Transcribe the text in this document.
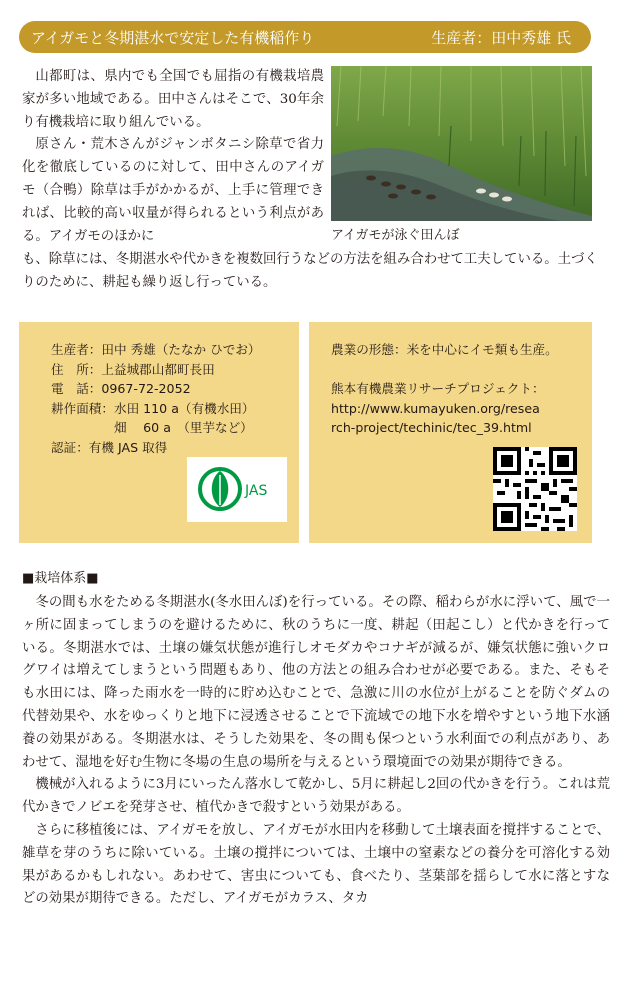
アイガモと冬期湛水で安定した有機稲作り	生産者：田中秀雄 氏

山都町は、県内でも全国でも屈指の有機栽培農家が多い地域である。田中さんはそこで、30年余り有機栽培に取り組んでいる。
原さん・荒木さんがジャンボタニシ除草で省力化を徹底しているのに対して、田中さんのアイガモ（合鴨）除草は手がかかるが、上手に管理できれば、比較的高い収量が得られるという利点がある。アイガモのほかに

も、除草には、冬期湛水や代かきを複数回行うなどの方法を組み合わせて工夫している。土づくりのために、耕起も繰り返し行っている。

アイガモが泳ぐ田んぼ
生産者： 田中 秀雄（たなか ひでお）
住　所： 上益城郡山都町長田
電　話： 0967-72-2052
耕作面積： 水田 110 a（有機水田）
畑　 60 a　（里芋など）
認証： 有機 JAS 取得
JAS
農業の形態： 米を中心にイモ類も生産。
熊本有機農業リサーチプロジェクト：
http://www.kumayuken.org/resea
rch-project/techinic/tec_39.html
■栽培体系■

冬の間も水をためる冬期湛水(冬水田んぼ)を行っている。その際、稲わらが水に浮いて、風で一ヶ所に固まってしまうのを避けるために、秋のうちに一度、耕起（田起こし）と代かきを行っている。冬期湛水では、土壌の嫌気状態が進行しオモダカやコナギが減るが、嫌気状態に強いクログワイは増えてしまうという問題もあり、他の方法との組み合わせが必要である。また、そもそも水田には、降った雨水を一時的に貯め込むことで、急激に川の水位が上がることを防ぐダムの代替効果や、水をゆっくりと地下に浸透させることで下流域での地下水を増やすという地下水涵養の効果がある。冬期湛水は、そうした効果を、冬の間も保つという水利面での利点があり、あわせて、湿地を好む生物に冬場の生息の場所を与えるという環境面での効果が期待できる。
機械が入れるように3月にいったん落水して乾かし、5月に耕起し2回の代かきを行う。これは荒代かきでノビエを発芽させ、植代かきで殺すという効果がある。
さらに移植後には、アイガモを放し、アイガモが水田内を移動して土壌表面を撹拌することで、雑草を芽のうちに除いている。土壌の撹拌については、土壌中の窒素などの養分を可溶化する効果があるかもしれない。あわせて、害虫についても、食べたり、茎葉部を揺らして水に落とすなどの効果が期待できる。ただし、アイガモがカラス、タカ
